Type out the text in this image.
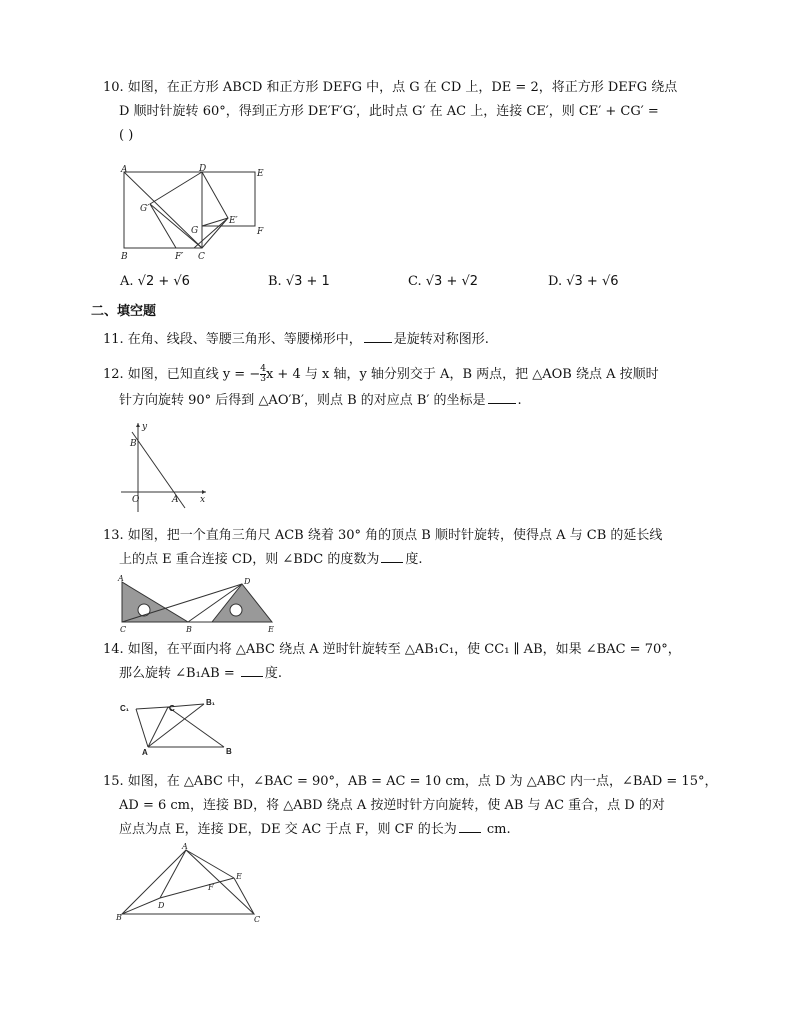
10. 如图，在正方形 ABCD 和正方形 DEFG 中，点 G 在 CD 上，DE = 2，将正方形 DEFG 绕点
D 顺时针旋转 60°，得到正方形 DE′F′G′，此时点 G′ 在 AC 上，连接 CE′，则 CE′ + CG′ =
( )
A	D	E
G′
E′
G	F
B	F′ C
A. √2 + √6	B. √3 + 1	C. √3 + √2	D. √3 + √6
二、填空题
11. 在角、线段、等腰三角形、等腰梯形中， 是旋转对称图形.
12. 如图，已知直线 y = − $\frac{4}{3}$ x + 4 与 x 轴，y 轴分别交于 A，B 两点，把 △AOB 绕点 A 按顺时
针方向旋转 90° 后得到 △AO′B′，则点 B 的对应点 B′ 的坐标是 .
y
B
O	A x
13. 如图，把一个直角三角尺 ACB 绕着 30° 角的顶点 B 顺时针旋转，使得点 A 与 CB 的延长线
上的点 E 重合连接 CD，则 ∠BDC 的度数为 度.
A	D
C	B	E
14. 如图，在平面内将 △ABC 绕点 A 逆时针旋转至 △AB₁C₁，使 CC₁ ∥ AB，如果 ∠BAC = 70°，
那么旋转 ∠B₁AB = 度.
C₁	C
B₁
A	B
15. 如图，在 △ABC 中，∠BAC = 90°，AB = AC = 10 cm，点 D 为 △ABC 内一点，∠BAD = 15°，
AD = 6 cm，连接 BD，将 △ABD 绕点 A 按逆时针方向旋转，使 AB 与 AC 重合，点 D 的对
应点为点 E，连接 DE，DE 交 AC 于点 F，则 CF 的长为 cm.
A
E
F
D
B	C
